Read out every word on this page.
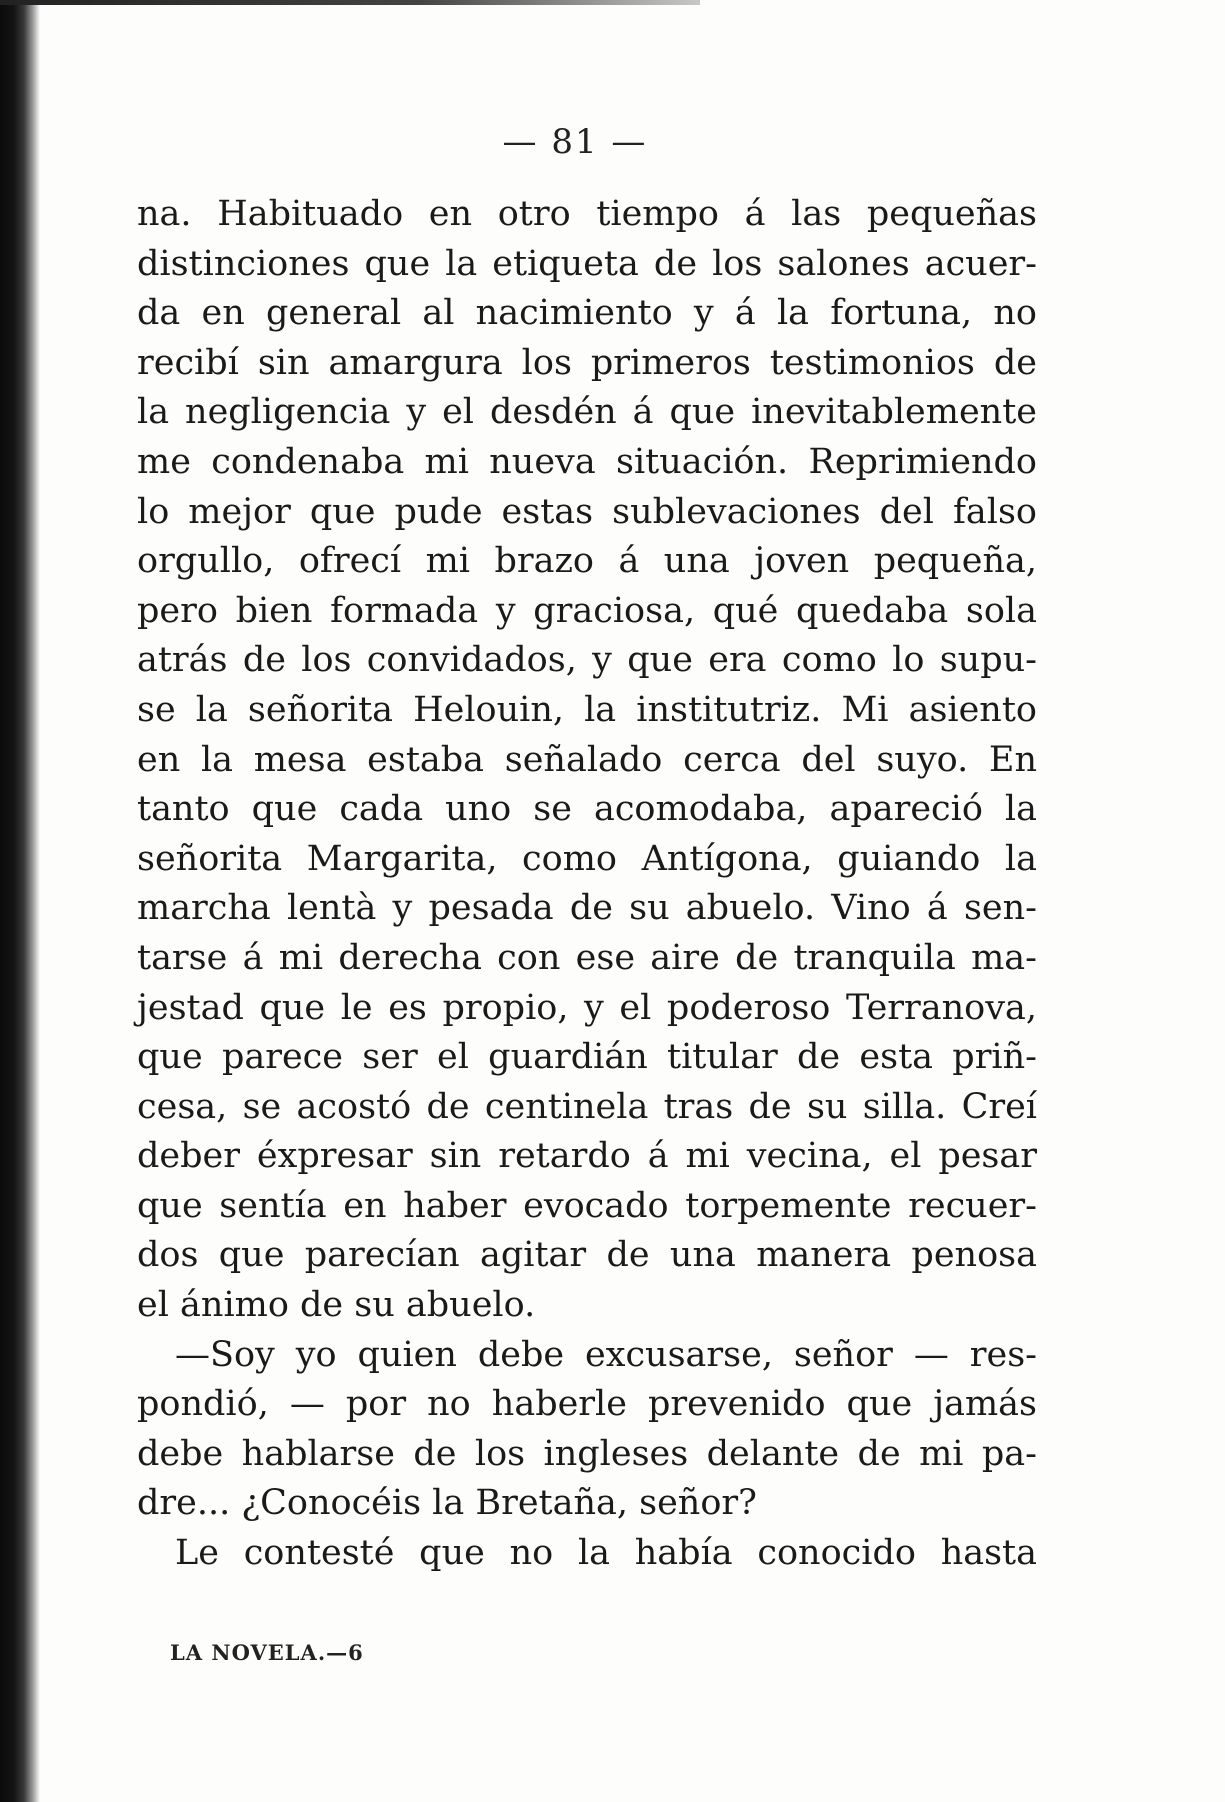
— 81 —
na. Habituado en otro tiempo á las pequeñas
distinciones que la etiqueta de los salones acuer-
da en general al nacimiento y á la fortuna, no
recibí sin amargura los primeros testimonios de
la negligencia y el desdén á que inevitablemente
me condenaba mi nueva situación. Reprimiendo
lo mejor que pude estas sublevaciones del falso
orgullo, ofrecí mi brazo á una joven pequeña,
pero bien formada y graciosa, qué quedaba sola
atrás de los convidados, y que era como lo supu-
se la señorita Helouin, la institutriz. Mi asiento
en la mesa estaba señalado cerca del suyo. En
tanto que cada uno se acomodaba, apareció la
señorita Margarita, como Antígona, guiando la
marcha lentà y pesada de su abuelo. Vino á sen-
tarse á mi derecha con ese aire de tranquila ma-
jestad que le es propio, y el poderoso Terranova,
que parece ser el guardián titular de esta priñ-
cesa, se acostó de centinela tras de su silla. Creí
deber éxpresar sin retardo á mi vecina, el pesar
que sentía en haber evocado torpemente recuer-
dos que parecían agitar de una manera penosa
el ánimo de su abuelo.
—Soy yo quien debe excusarse, señor — res-
pondió, — por no haberle prevenido que jamás
debe hablarse de los ingleses delante de mi pa-
dre... ¿Conocéis la Bretaña, señor?
Le contesté que no la había conocido hasta
LA NOVELA.—6
